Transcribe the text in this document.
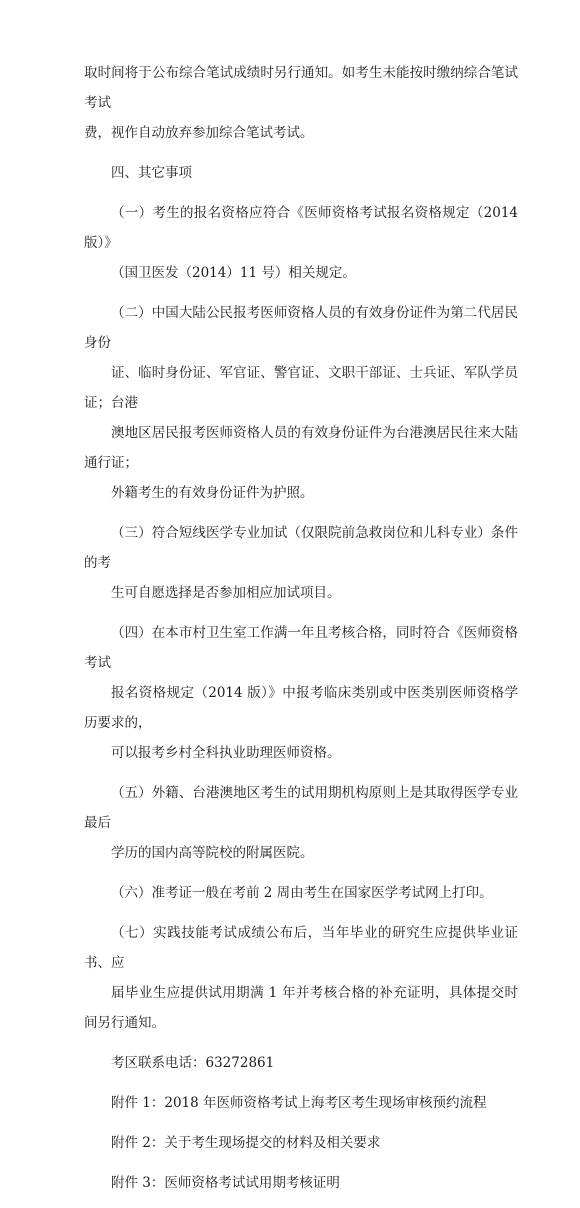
取时间将于公布综合笔试成绩时另行通知。如考生未能按时缴纳综合笔试考试
费，视作自动放弃参加综合笔试考试。

四、其它事项

（一）考生的报名资格应符合《医师资格考试报名资格规定（2014 版）》
（国卫医发（2014）11 号）相关规定。

（二）中国大陆公民报考医师资格人员的有效身份证件为第二代居民身份
证、临时身份证、军官证、警官证、文职干部证、士兵证、军队学员证；台港
澳地区居民报考医师资格人员的有效身份证件为台港澳居民往来大陆通行证；
外籍考生的有效身份证件为护照。

（三）符合短线医学专业加试（仅限院前急救岗位和儿科专业）条件的考
生可自愿选择是否参加相应加试项目。

（四）在本市村卫生室工作满一年且考核合格，同时符合《医师资格考试
报名资格规定（2014 版）》中报考临床类别或中医类别医师资格学历要求的，
可以报考乡村全科执业助理医师资格。

（五）外籍、台港澳地区考生的试用期机构原则上是其取得医学专业最后
学历的国内高等院校的附属医院。

（六）准考证一般在考前 2 周由考生在国家医学考试网上打印。

（七）实践技能考试成绩公布后，当年毕业的研究生应提供毕业证书、应
届毕业生应提供试用期满 1 年并考核合格的补充证明，具体提交时间另行通知。

考区联系电话：63272861

附件 1：2018 年医师资格考试上海考区考生现场审核预约流程

附件 2：关于考生现场提交的材料及相关要求

附件 3：医师资格考试试用期考核证明
